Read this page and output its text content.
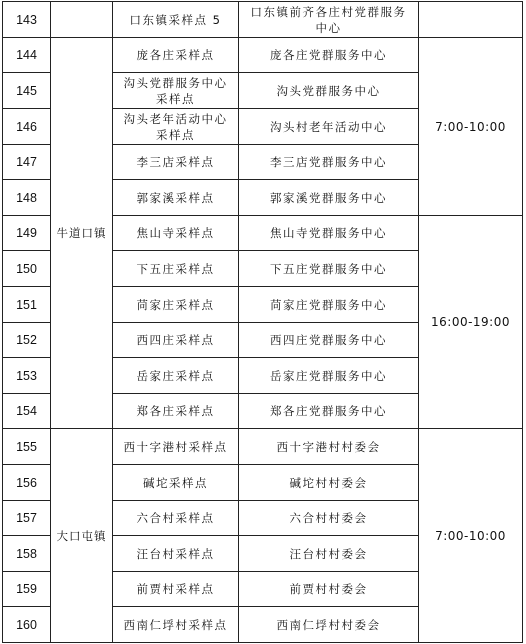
143		口东镇采样点 5	口东镇前齐各庄村党群服务中心	
144	牛道口镇	庞各庄采样点	庞各庄党群服务中心	7:00-10:00
145		沟头党群服务中心采样点	沟头党群服务中心	
146		沟头老年活动中心采样点	沟头村老年活动中心	
147		李三店采样点	李三店党群服务中心	
148		郭家溪采样点	郭家溪党群服务中心	
149		焦山寺采样点	焦山寺党群服务中心	16:00-19:00
150		下五庄采样点	下五庄党群服务中心	
151		苘家庄采样点	苘家庄党群服务中心	
152		西四庄采样点	西四庄党群服务中心	
153		岳家庄采样点	岳家庄党群服务中心	
154		郑各庄采样点	郑各庄党群服务中心	
155	大口屯镇	西十字港村采样点	西十字港村村委会	7:00-10:00
156		碱坨采样点	碱坨村村委会	
157		六合村采样点	六合村村委会	
158		汪台村采样点	汪台村村委会	
159		前贾村采样点	前贾村村委会	
160		西南仁垺村采样点	西南仁垺村村委会	
